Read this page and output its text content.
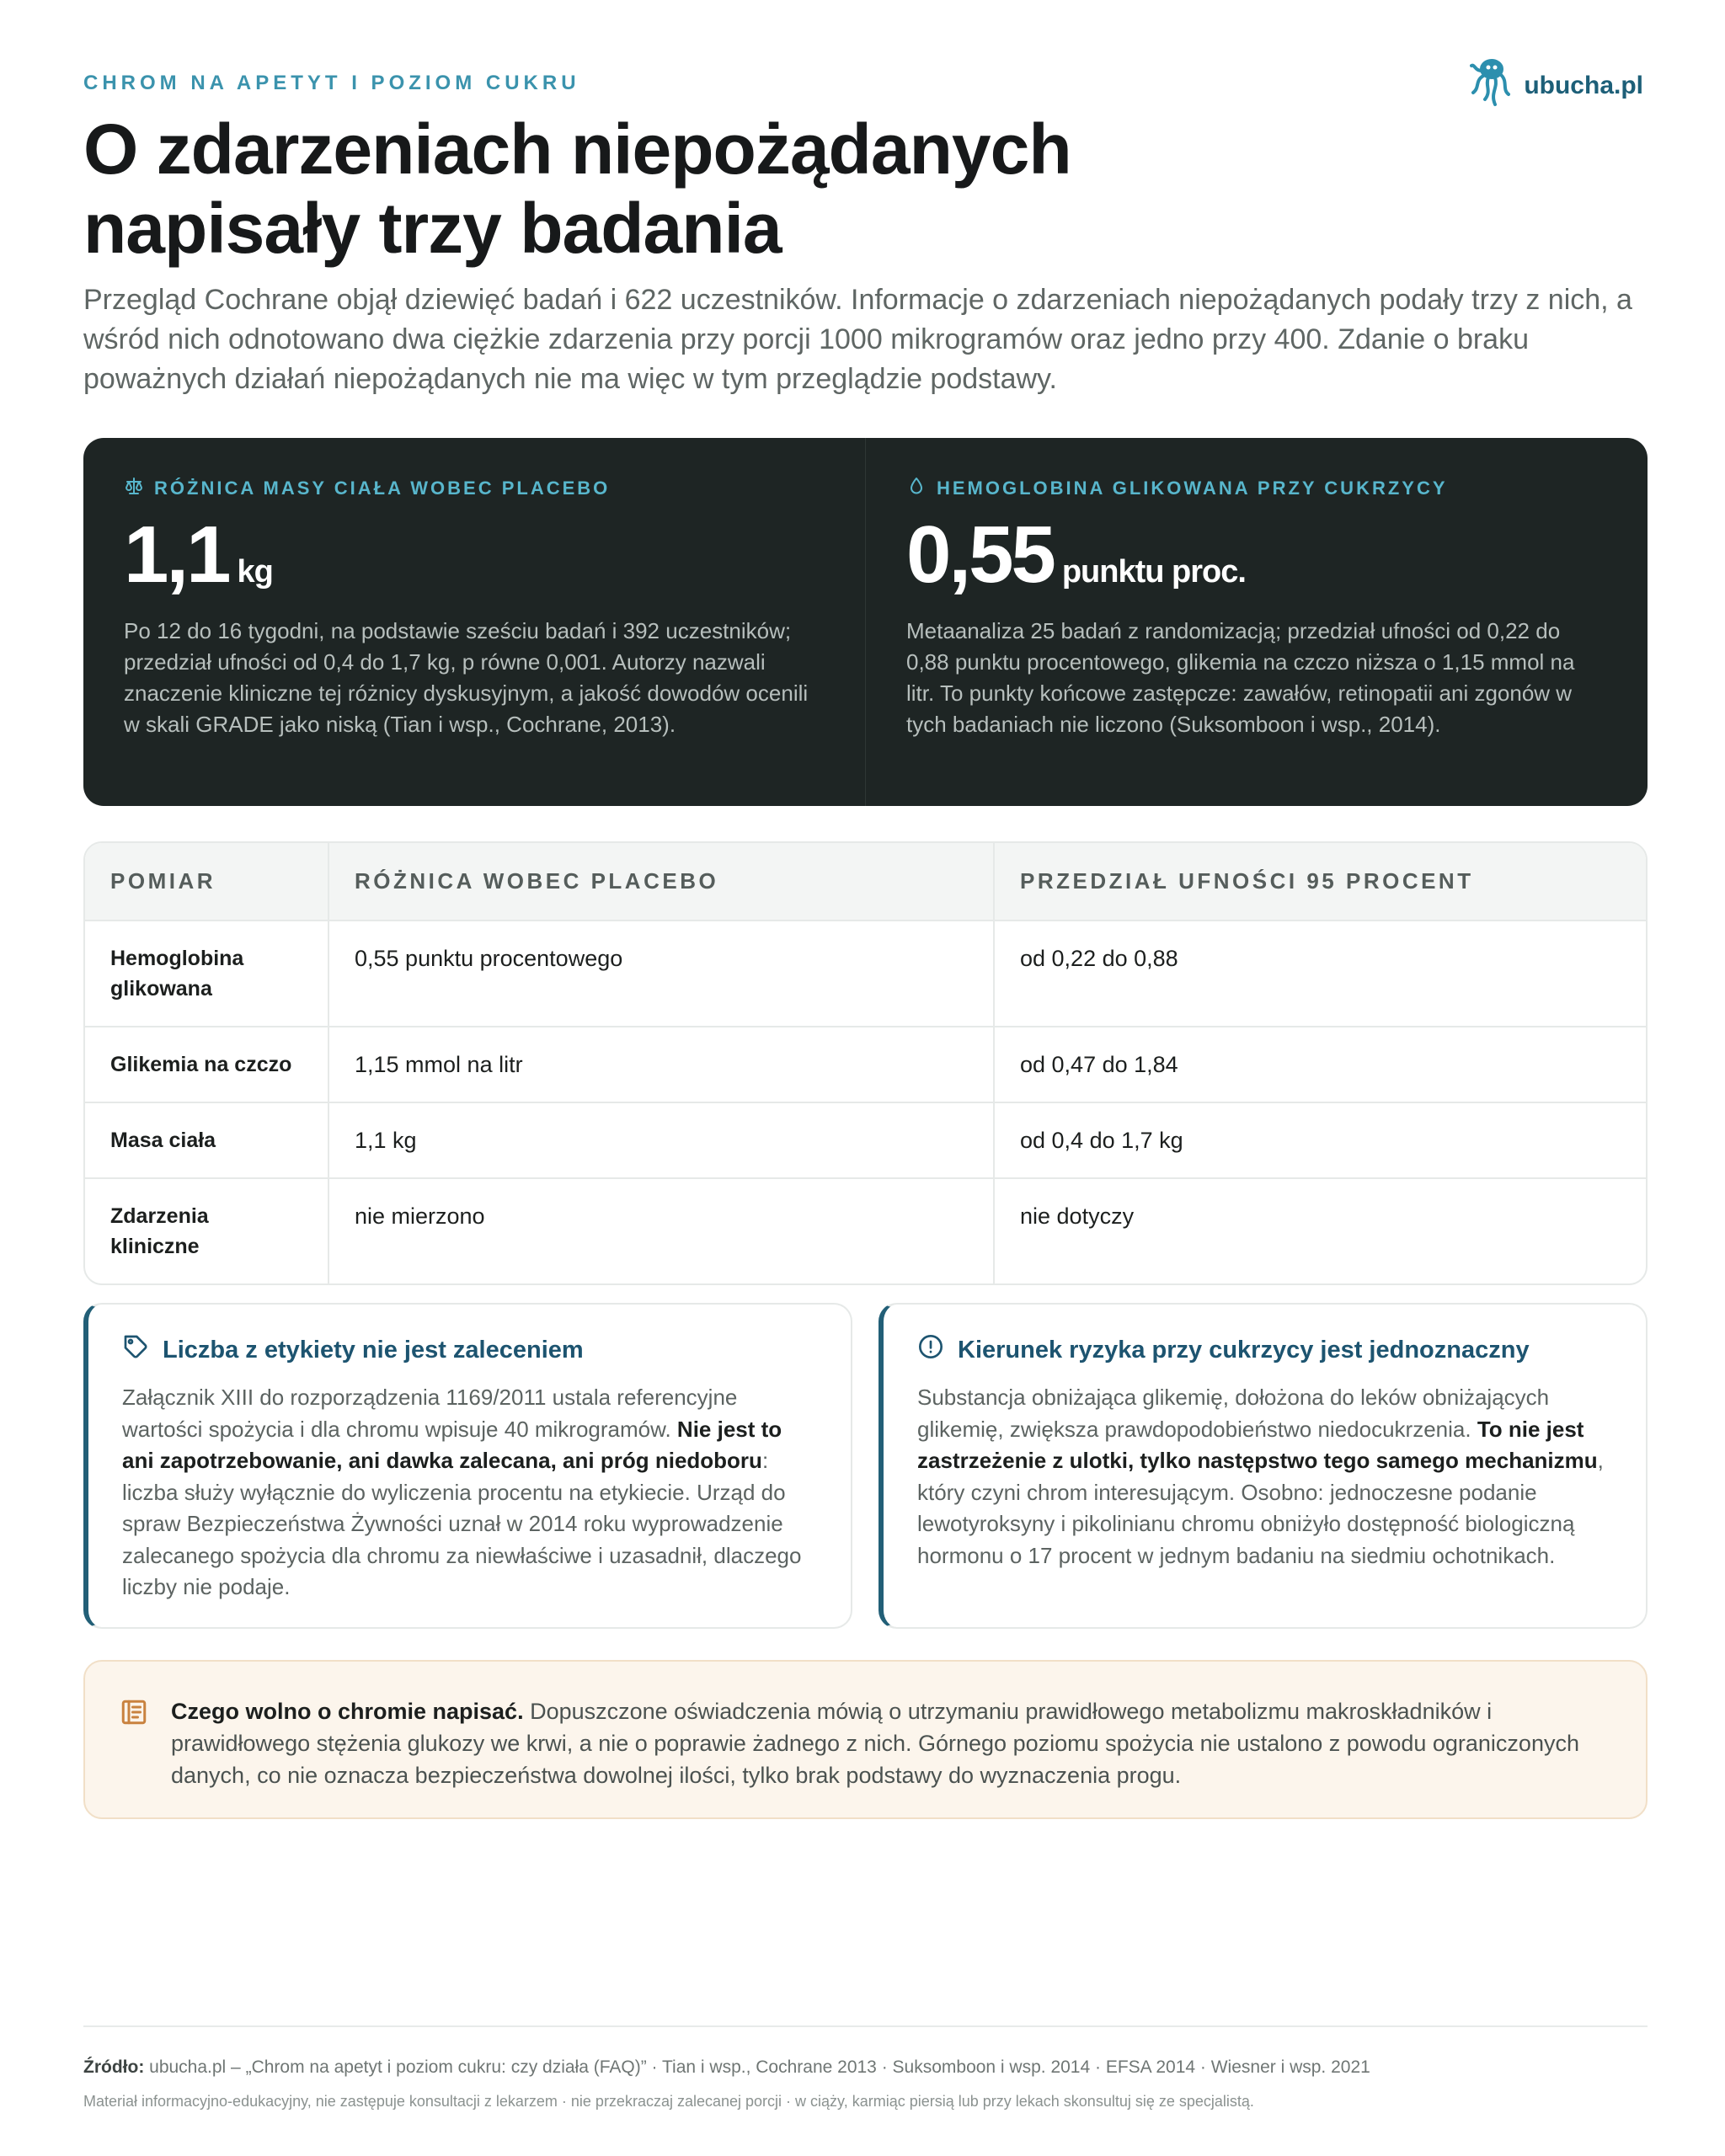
CHROM NA APETYT I POZIOM CUKRU	ubucha.pl
O zdarzeniach niepożądanych napisały trzy badania

Przegląd Cochrane objął dziewięć badań i 622 uczestników. Informacje o zdarzeniach niepożądanych podały trzy z nich, a wśród nich odnotowano dwa ciężkie zdarzenia przy porcji 1000 mikrogramów oraz jedno przy 400. Zdanie o braku poważnych działań niepożądanych nie ma więc w tym przeglądzie podstawy.

RÓŻNICA MASY CIAŁA WOBEC PLACEBO
1,1 kg

Po 12 do 16 tygodni, na podstawie sześciu badań i 392 uczestników; przedział ufności od 0,4 do 1,7 kg, p równe 0,001. Autorzy nazwali znaczenie kliniczne tej różnicy dyskusyjnym, a jakość dowodów ocenili w skali GRADE jako niską (Tian i wsp., Cochrane, 2013).

HEMOGLOBINA GLIKOWANA PRZY CUKRZYCY
0,55 punktu proc.

Metaanaliza 25 badań z randomizacją; przedział ufności od 0,22 do 0,88 punktu procentowego, glikemia na czczo niższa o 1,15 mmol na litr. To punkty końcowe zastępcze: zawałów, retinopatii ani zgonów w tych badaniach nie liczono (Suksomboon i wsp., 2014).

POMIAR	RÓŻNICA WOBEC PLACEBO	PRZEDZIAŁ UFNOŚCI 95 PROCENT
Hemoglobina glikowana	0,55 punktu procentowego	od 0,22 do 0,88
Glikemia na czczo	1,15 mmol na litr	od 0,47 do 1,84
Masa ciała	1,1 kg	od 0,4 do 1,7 kg
Zdarzenia kliniczne	nie mierzono	nie dotyczy
Liczba z etykiety nie jest zaleceniem

Załącznik XIII do rozporządzenia 1169/2011 ustala referencyjne wartości spożycia i dla chromu wpisuje 40 mikrogramów. Nie jest to ani zapotrzebowanie, ani dawka zalecana, ani próg niedoboru: liczba służy wyłącznie do wyliczenia procentu na etykiecie. Urząd do spraw Bezpieczeństwa Żywności uznał w 2014 roku wyprowadzenie zalecanego spożycia dla chromu za niewłaściwe i uzasadnił, dlaczego liczby nie podaje.

Kierunek ryzyka przy cukrzycy jest jednoznaczny

Substancja obniżająca glikemię, dołożona do leków obniżających glikemię, zwiększa prawdopodobieństwo niedocukrzenia. To nie jest zastrzeżenie z ulotki, tylko następstwo tego samego mechanizmu, który czyni chrom interesującym. Osobno: jednoczesne podanie lewotyroksyny i pikolinianu chromu obniżyło dostępność biologiczną hormonu o 17 procent w jednym badaniu na siedmiu ochotnikach.

Czego wolno o chromie napisać. Dopuszczone oświadczenia mówią o utrzymaniu prawidłowego metabolizmu makroskładników i prawidłowego stężenia glukozy we krwi, a nie o poprawie żadnego z nich. Górnego poziomu spożycia nie ustalono z powodu ograniczonych danych, co nie oznacza bezpieczeństwa dowolnej ilości, tylko brak podstawy do wyznaczenia progu.

Źródło: ubucha.pl – „Chrom na apetyt i poziom cukru: czy działa (FAQ)” · Tian i wsp., Cochrane 2013 · Suksomboon i wsp. 2014 · EFSA 2014 · Wiesner i wsp. 2021

Materiał informacyjno-edukacyjny, nie zastępuje konsultacji z lekarzem · nie przekraczaj zalecanej porcji · w ciąży, karmiąc piersią lub przy lekach skonsultuj się ze specjalistą.
